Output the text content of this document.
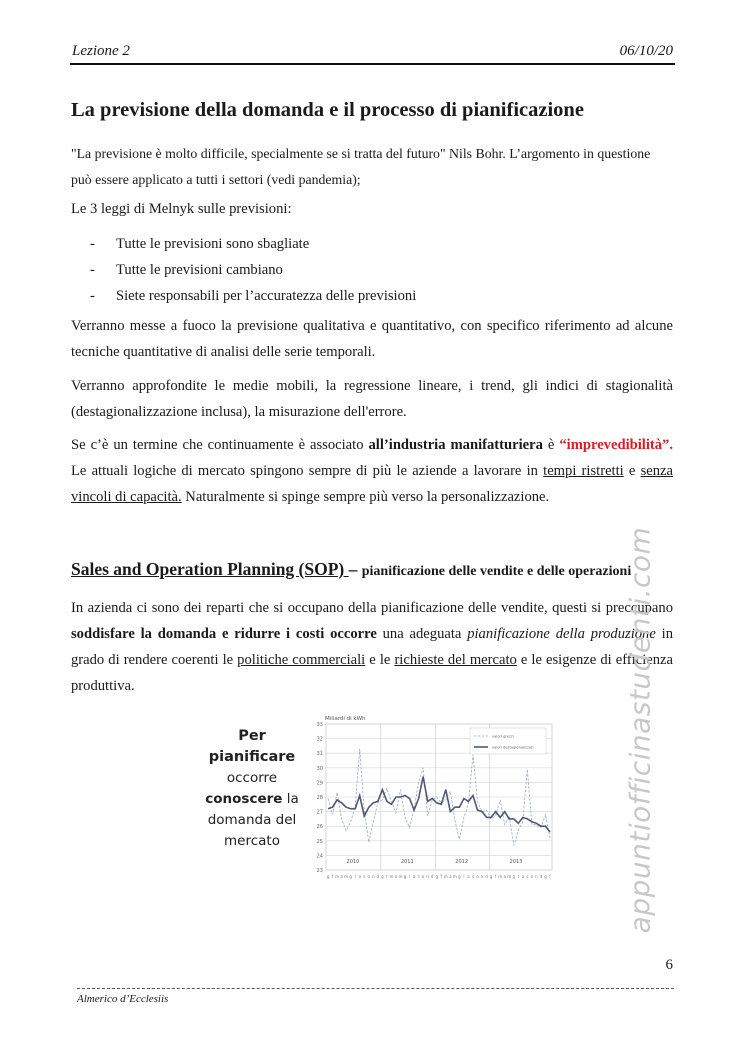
Lezione 2	06/10/20
La previsione della domanda e il processo di pianificazione

"La previsione è molto difficile, specialmente se si tratta del futuro" Nils Bohr. L’argomento in questione
può essere applicato a tutti i settori (vedi pandemia);

Le 3 leggi di Melnyk sulle previsioni:

- Tutte le previsioni sono sbagliate
- Tutte le previsioni cambiano
- Siete responsabili per l’accuratezza delle previsioni

Verranno messe a fuoco la previsione qualitativa e quantitativo, con specifico riferimento ad alcune tecniche quantitative di analisi delle serie temporali.

Verranno approfondite le medie mobili, la regressione lineare, i trend, gli indici di stagionalità (destagionalizzazione inclusa), la misurazione dell'errore.

Se c’è un termine che continuamente è associato all’industria manifatturiera è “imprevedibilità”. Le attuali logiche di mercato spingono sempre di più le aziende a lavorare in tempi ristretti e senza vincoli di capacità. Naturalmente si spinge sempre più verso la personalizzazione.

Sales and Operation Planning (SOP) – pianificazione delle vendite e delle operazioni

In azienda ci sono dei reparti che si occupano della pianificazione delle vendite, questi si preccupano soddisfare la domanda e ridurre i costi occorre una adeguata pianificazione della produzione in grado di rendere coerenti le politiche commerciali e le richieste del mercato e le esigenze di efficienza produttiva.	appuntiofficinastudenti.com
Per pianificare
occorre
conoscere la
domanda del
mercato
Miliardi di kWh
23
24
25
26
27
28
29
30
31
32
33
2010	2011	2012	2013
g f m a m g l a s o n d g f m a m g l a s o n d g f m a m g l a s o n d g f m a m g l a s o n d g f
valori grezzi
valori destagionalizzati
6
Almerico d’Ecclesiis
